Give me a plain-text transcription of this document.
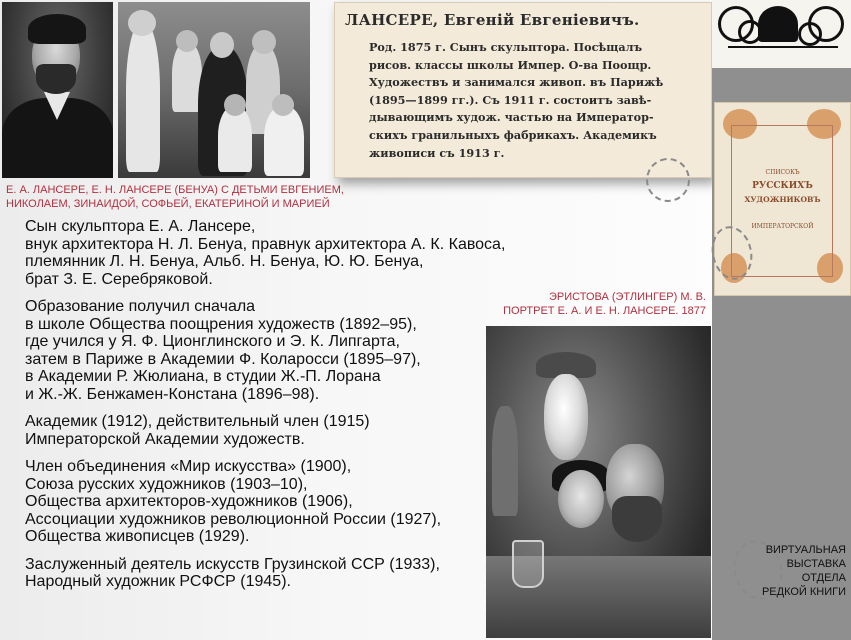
Е. А. ЛАНСЕРЕ, Е. Н. ЛАНСЕРЕ (БЕНУА) С ДЕТЬМИ ЕВГЕНИЕМ,
НИКОЛАЕМ, ЗИНАИДОЙ, СОФЬЕЙ, ЕКАТЕРИНОЙ И МАРИЕЙ
ЛАНСЕРЕ, Евгеній Евгеніевичъ.
Род. 1875 г. Сынъ скульптора. Посѣщалъ
рисов. классы школы Импер. О-ва Поощр.
Художествъ и занимался живоп. въ Парижѣ
(1895—1899 гг.). Съ 1911 г. состоитъ завѣ-
дывающимъ худож. частью на Император-
скихъ гранильныхъ фабрикахъ. Академикъ
живописи съ 1913 г.
СПИСОКЪ
РУССКИХЪ
ХУДОЖНИКОВЪ
ИМПЕРАТОРСКОЙ
ЭРИСТОВА (ЭТЛИНГЕР) М. В.
ПОРТРЕТ Е. А. И Е. Н. ЛАНСЕРЕ. 1877
Сын скульптора Е. А. Лансере,
внук архитектора Н. Л. Бенуа, правнук архитектора А. К. Кавоса,
племянник Л. Н. Бенуа, Альб. Н. Бенуа, Ю. Ю. Бенуа,
брат З. Е. Серебряковой.
Образование получил сначала
в школе Общества поощрения художеств (1892–95),
где учился у Я. Ф. Ционглинского и Э. К. Липгарта,
затем в Париже в Академии Ф. Коларосси (1895–97),
в Академии Р. Жюлиана, в студии Ж.-П. Лорана
и Ж.-Ж. Бенжамен-Констана (1896–98).
Академик (1912), действительный член (1915)
Императорской Академии художеств.
Член объединения «Мир искусства» (1900),
Союза русских художников (1903–10),
Общества архитекторов-художников (1906),
Ассоциации художников революционной России (1927),
Общества живописцев (1929).
Заслуженный деятель искусств Грузинской ССР (1933),
Народный художник РСФСР (1945).
ВИРТУАЛЬНАЯ
ВЫСТАВКА
ОТДЕЛА
РЕДКОЙ КНИГИ
